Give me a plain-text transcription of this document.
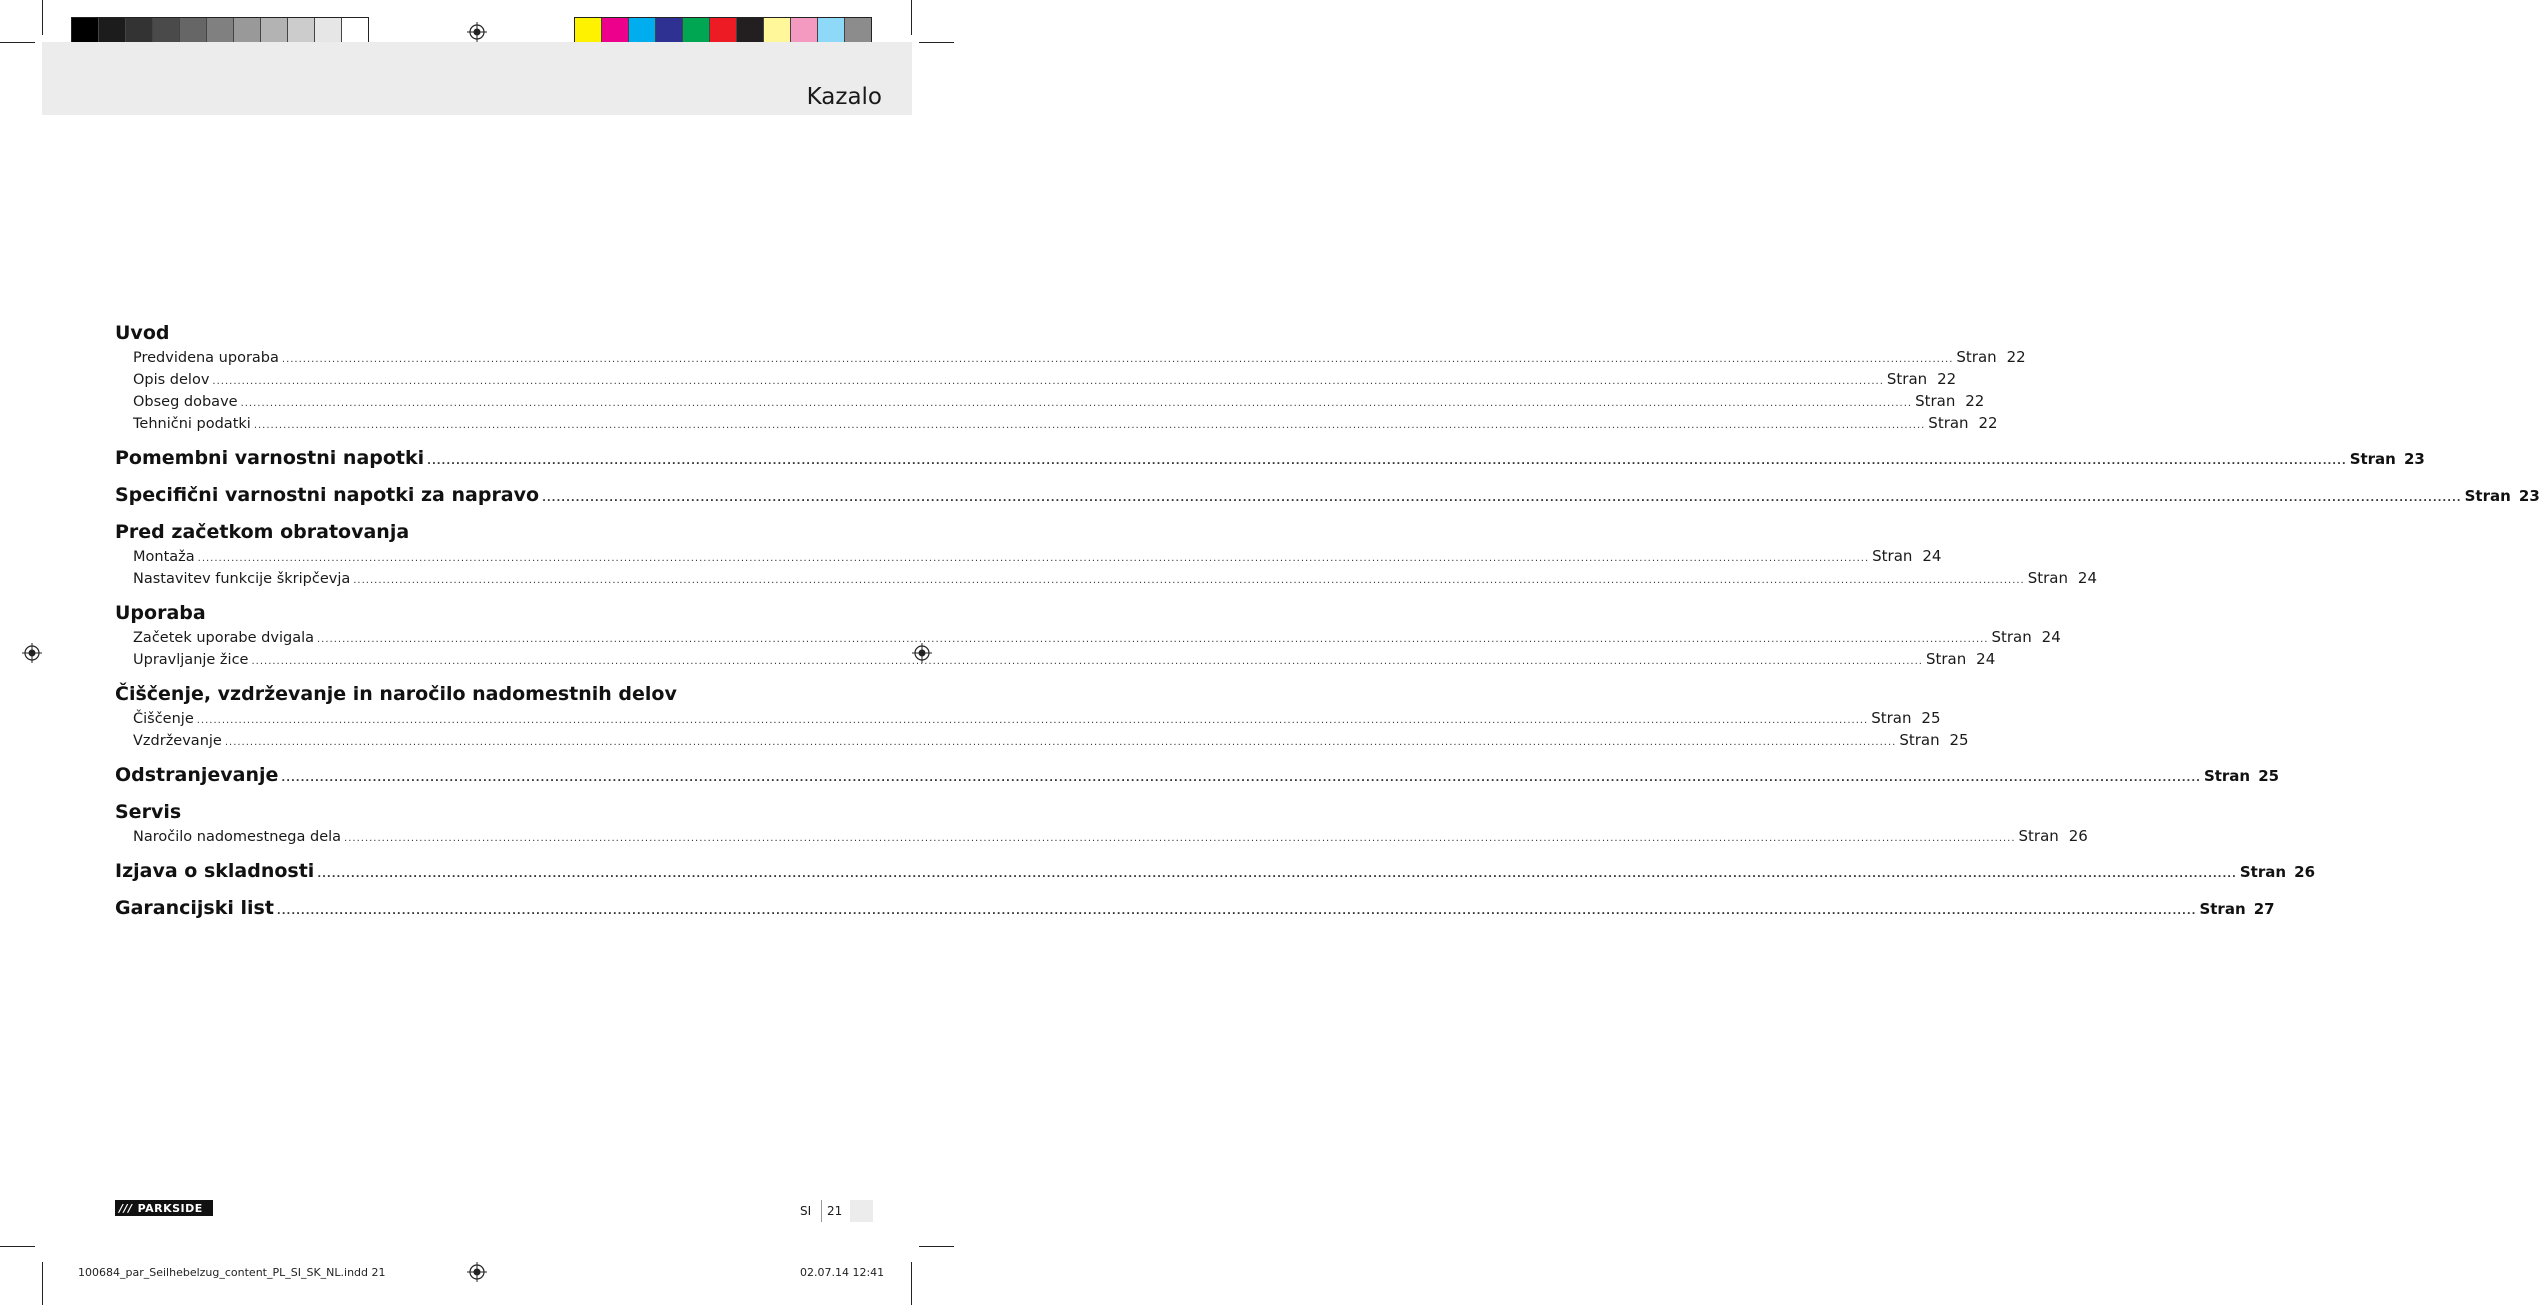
Kazalo
Uvod
Predvidena uporaba ................................................................................................................................................................................................................................................................................................................................................................................................................ Stran 22
Opis delov ................................................................................................................................................................................................................................................................................................................................................................................................................ Stran 22
Obseg dobave ................................................................................................................................................................................................................................................................................................................................................................................................................ Stran 22
Tehnični podatki ................................................................................................................................................................................................................................................................................................................................................................................................................ Stran 22
Pomembni varnostni napotki ................................................................................................................................................................................................................................................................................................................................................................................................................ Stran 23
Specifični varnostni napotki za napravo ................................................................................................................................................................................................................................................................................................................................................................................................................ Stran 23
Pred začetkom obratovanja
Montaža ................................................................................................................................................................................................................................................................................................................................................................................................................ Stran 24
Nastavitev funkcije škripčevja ................................................................................................................................................................................................................................................................................................................................................................................................................ Stran 24
Uporaba
Začetek uporabe dvigala ................................................................................................................................................................................................................................................................................................................................................................................................................ Stran 24
Upravljanje žice ................................................................................................................................................................................................................................................................................................................................................................................................................ Stran 24
Čiščenje, vzdrževanje in naročilo nadomestnih delov
Čiščenje ................................................................................................................................................................................................................................................................................................................................................................................................................ Stran 25
Vzdrževanje ................................................................................................................................................................................................................................................................................................................................................................................................................ Stran 25
Odstranjevanje ................................................................................................................................................................................................................................................................................................................................................................................................................ Stran 25
Servis
Naročilo nadomestnega dela ................................................................................................................................................................................................................................................................................................................................................................................................................ Stran 26
Izjava o skladnosti ................................................................................................................................................................................................................................................................................................................................................................................................................ Stran 26
Garancijski list ................................................................................................................................................................................................................................................................................................................................................................................................................ Stran 27
/// PARKSIDE	SI 21
100684_par_Seilhebelzug_content_PL_SI_SK_NL.indd 21	02.07.14 12:41
